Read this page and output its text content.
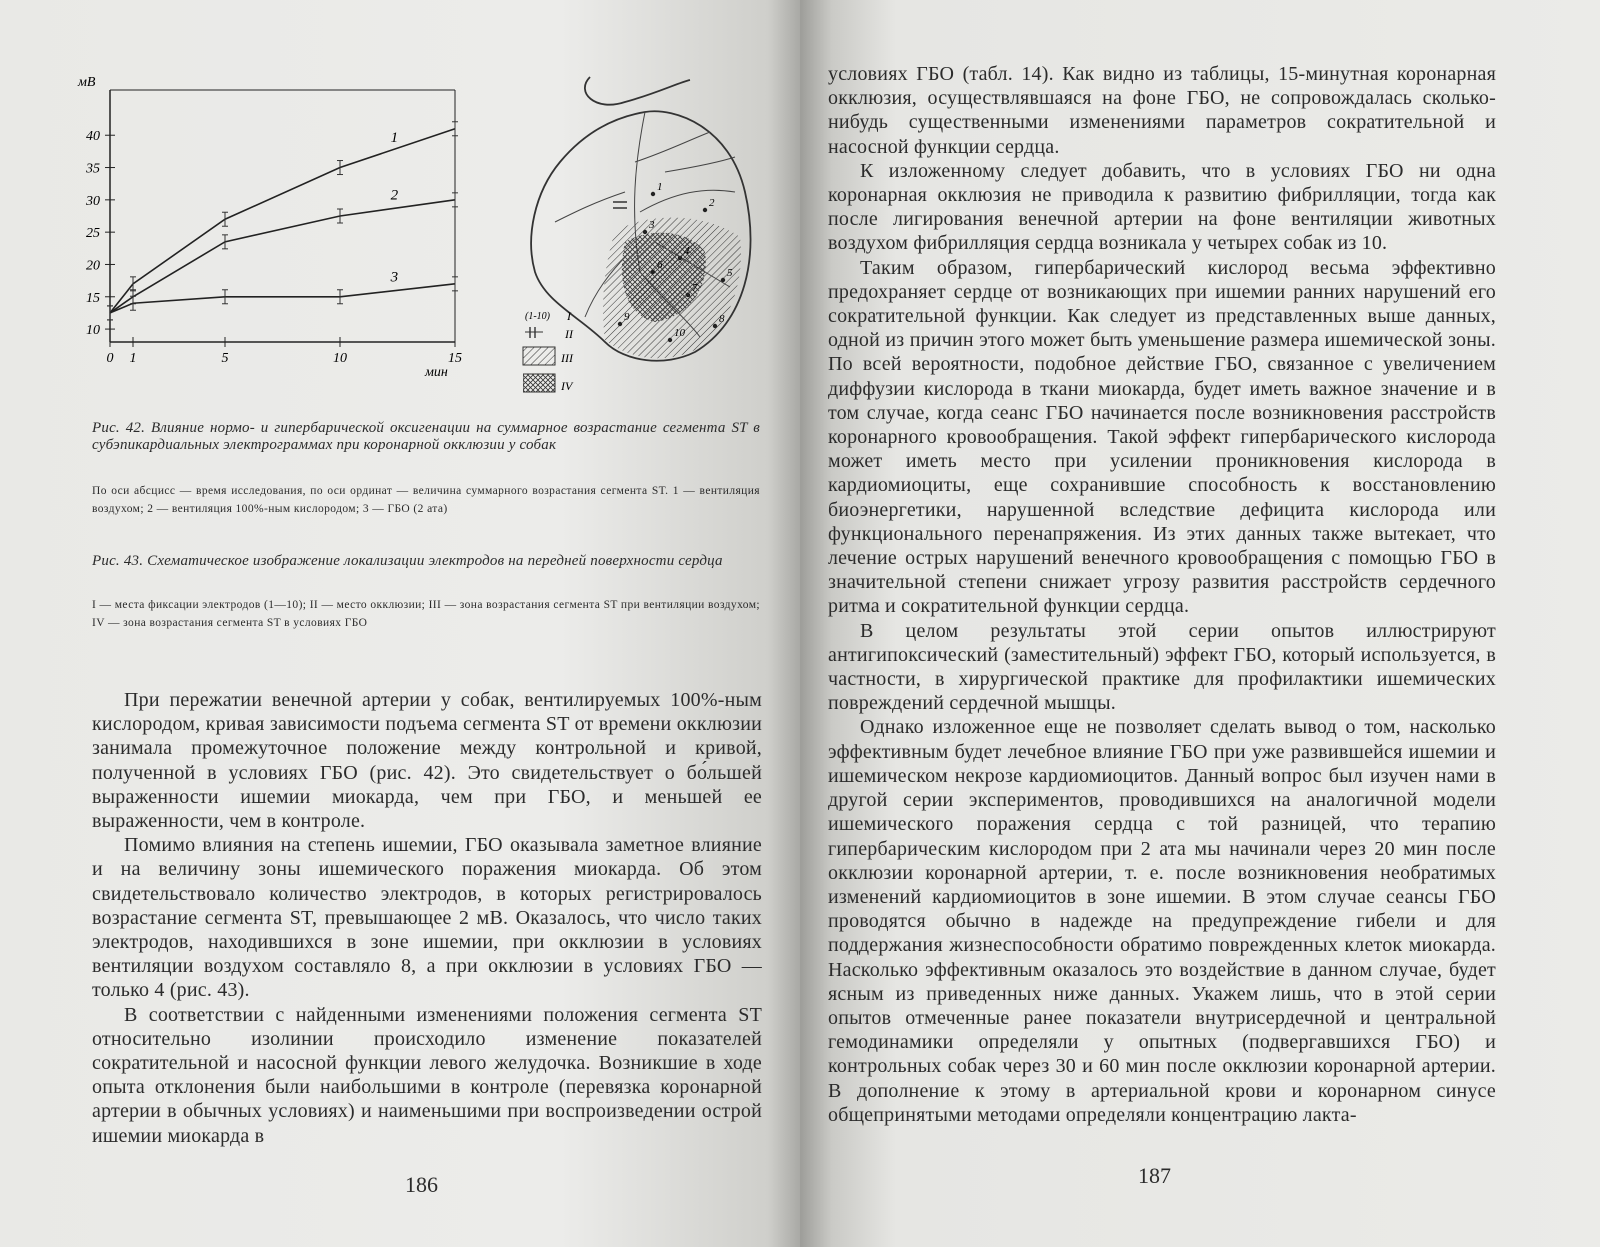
мВ
мин
1
2
3
10
15
20
25
30
35
40
0 1	5	10	15
1
2
3
4
5
6
7
8
9
10
(1-10) I
II
III
IV
Рис. 42. Влияние нормо- и гипербарической оксигенации на суммарное возрастание сегмента ST в субэпикардиальных электрограммах при коронарной окклюзии у собак
По оси абсцисс — время исследования, по оси ординат — величина суммарного возрастания сегмента ST. 1 — вентиляция воздухом; 2 — вентиляция 100%-ным кислородом; 3 — ГБО (2 ата)
Рис. 43. Схематическое изображение локализации электродов на передней поверхности сердца
I — места фиксации электродов (1—10); II — место окклюзии; III — зона возрастания сегмента ST при вентиляции воздухом; IV — зона возрастания сегмента ST в условиях ГБО

При пережатии венечной артерии у собак, вентилируемых 100%-ным кислородом, кривая зависимости подъема сегмента ST от времени окклюзии занимала промежуточное положение между контрольной и кривой, полученной в условиях ГБО (рис. 42). Это свидетельствует о бо́льшей выраженности ишемии миокарда, чем при ГБО, и меньшей ее выраженности, чем в контроле.

Помимо влияния на степень ишемии, ГБО оказывала заметное влияние и на величину зоны ишемического поражения миокарда. Об этом свидетельствовало количество электродов, в которых регистрировалось возрастание сегмента ST, превышающее 2 мВ. Оказалось, что число таких электродов, находившихся в зоне ишемии, при окклюзии в условиях вентиляции воздухом составляло 8, а при окклюзии в условиях ГБО — только 4 (рис. 43).

В соответствии с найденными изменениями положения сегмента ST относительно изолинии происходило изменение показателей сократительной и насосной функции левого желудочка. Возникшие в ходе опыта отклонения были наибольшими в контроле (перевязка коронарной артерии в обычных условиях) и наименьшими при воспроизведении острой ишемии миокарда в

186

условиях ГБО (табл. 14). Как видно из таблицы, 15-минутная коронарная окклюзия, осуществлявшаяся на фоне ГБО, не сопровождалась сколько-нибудь существенными изменениями параметров сократительной и насосной функции сердца.

К изложенному следует добавить, что в условиях ГБО ни одна коронарная окклюзия не приводила к развитию фибрилляции, тогда как после лигирования венечной артерии на фоне вентиляции животных воздухом фибрилляция сердца возникала у четырех собак из 10.

Таким образом, гипербарический кислород весьма эффективно предохраняет сердце от возникающих при ишемии ранних нарушений его сократительной функции. Как следует из представленных выше данных, одной из причин этого может быть уменьшение размера ишемической зоны. По всей вероятности, подобное действие ГБО, связанное с увеличением диффузии кислорода в ткани миокарда, будет иметь важное значение и в том случае, когда сеанс ГБО начинается после возникновения расстройств коронарного кровообращения. Такой эффект гипербарического кислорода может иметь место при усилении проникновения кислорода в кардиомиоциты, еще сохранившие способность к восстановлению биоэнергетики, нарушенной вследствие дефицита кислорода или функционального перенапряжения. Из этих данных также вытекает, что лечение острых нарушений венечного кровообращения с помощью ГБО в значительной степени снижает угрозу развития расстройств сердечного ритма и сократительной функции сердца.

В целом результаты этой серии опытов иллюстрируют антигипоксический (заместительный) эффект ГБО, который используется, в частности, в хирургической практике для профилактики ишемических повреждений сердечной мышцы.

Однако изложенное еще не позволяет сделать вывод о том, насколько эффективным будет лечебное влияние ГБО при уже развившейся ишемии и ишемическом некрозе кардиомиоцитов. Данный вопрос был изучен нами в другой серии экспериментов, проводившихся на аналогичной модели ишемического поражения сердца с той разницей, что терапию гипербарическим кислородом при 2 ата мы начинали через 20 мин после окклюзии коронарной артерии, т. е. после возникновения необратимых изменений кардиомиоцитов в зоне ишемии. В этом случае сеансы ГБО проводятся обычно в надежде на предупреждение гибели и для поддержания жизнеспособности обратимо поврежденных клеток миокарда. Насколько эффективным оказалось это воздействие в данном случае, будет ясным из приведенных ниже данных. Укажем лишь, что в этой серии опытов отмеченные ранее показатели внутрисердечной и центральной гемодинамики определяли у опытных (подвергавшихся ГБО) и контрольных собак через 30 и 60 мин после окклюзии коронарной артерии. В дополнение к этому в артериальной крови и коронарном синусе общепринятыми методами определяли концентрацию лакта-

187
